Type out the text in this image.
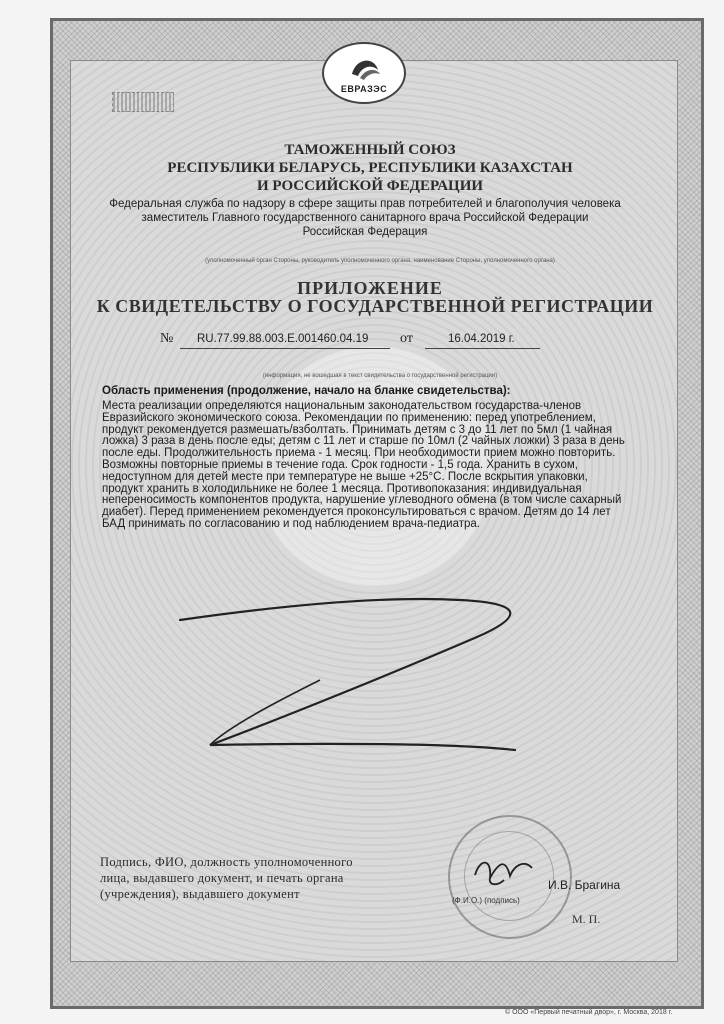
ЕВРАЗЭС
ТАМОЖЕННЫЙ СОЮЗ
РЕСПУБЛИКИ БЕЛАРУСЬ, РЕСПУБЛИКИ КАЗАХСТАН
И РОССИЙСКОЙ ФЕДЕРАЦИИ
Федеральная служба по надзору в сфере защиты прав потребителей и благополучия человека
заместитель Главного государственного санитарного врача Российской Федерации
Российская Федерация
(уполномоченный орган Стороны, руководитель уполномоченного органа, наименование Стороны, уполномоченного органа)
ПРИЛОЖЕНИЕ
К СВИДЕТЕЛЬСТВУ О ГОСУДАРСТВЕННОЙ РЕГИСТРАЦИИ
№ RU.77.99.88.003.E.001460.04.19 от	16.04.2019 г.
(информация, не вошедшая в текст свидетельства о государственной регистрации)
Область применения (продолжение, начало на бланке свидетельства):
Места реализации определяются национальным законодательством государства-членов
Евразийского экономического союза. Рекомендации по применению: перед употреблением,
продукт рекомендуется размешать/взболтать. Принимать детям с 3 до 11 лет по 5мл (1 чайная
ложка) 3 раза в день после еды; детям с 11 лет и старше по 10мл (2 чайных ложки) 3 раза в день
после еды. Продолжительность приема - 1 месяц. При необходимости прием можно повторить.
Возможны повторные приемы в течение года. Срок годности - 1,5 года. Хранить в сухом,
недоступном для детей месте при температуре не выше +25°С. После вскрытия упаковки,
продукт хранить в холодильнике не более 1 месяца. Противопоказания: индивидуальная
непереносимость компонентов продукта, нарушение углеводного обмена (в том числе сахарный
диабет). Перед применением рекомендуется проконсультироваться с врачом. Детям до 14 лет
БАД принимать по согласованию и под наблюдением врача-педиатра.
Подпись, ФИО, должность уполномоченного
лица, выдавшего документ, и печать органа
(учреждения), выдавшего документ
И.В. Брагина
(Ф.И.О.) (подпись)
М. П.
© ООО «Первый печатный двор», г. Москва, 2018 г.
